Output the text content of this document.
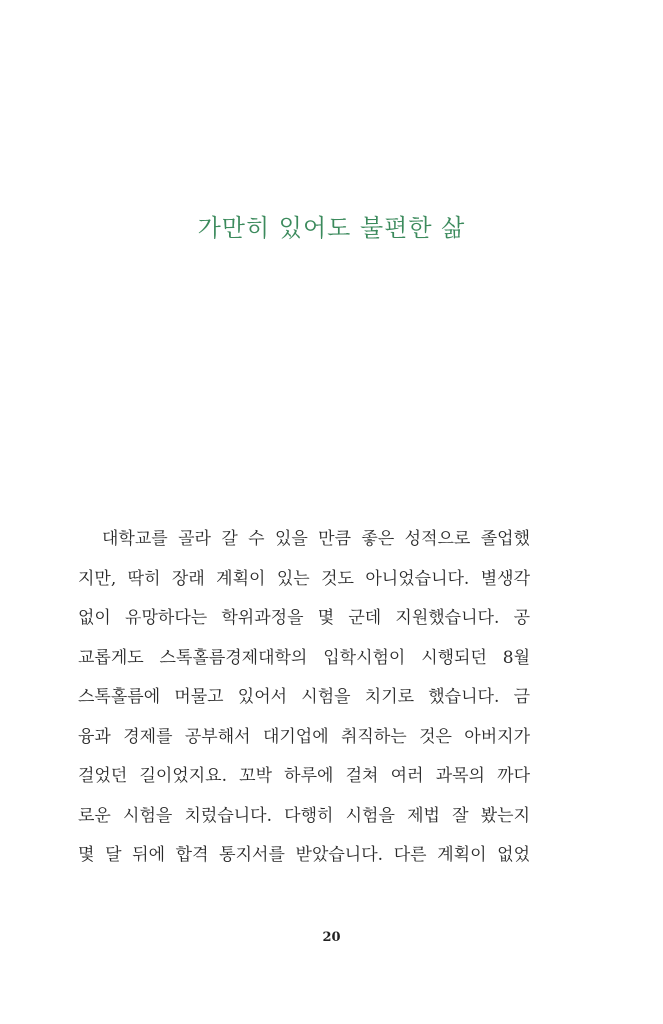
가만히 있어도 불편한 삶
대학교를 골라 갈 수 있을 만큼 좋은 성적으로 졸업했
지만, 딱히 장래 계획이 있는 것도 아니었습니다. 별생각
없이 유망하다는 학위과정을 몇 군데 지원했습니다. 공
교롭게도 스톡홀름경제대학의 입학시험이 시행되던 8월
스톡홀름에 머물고 있어서 시험을 치기로 했습니다. 금
융과 경제를 공부해서 대기업에 취직하는 것은 아버지가
걸었던 길이었지요. 꼬박 하루에 걸쳐 여러 과목의 까다
로운 시험을 치렀습니다. 다행히 시험을 제법 잘 봤는지
몇 달 뒤에 합격 통지서를 받았습니다. 다른 계획이 없었
20
